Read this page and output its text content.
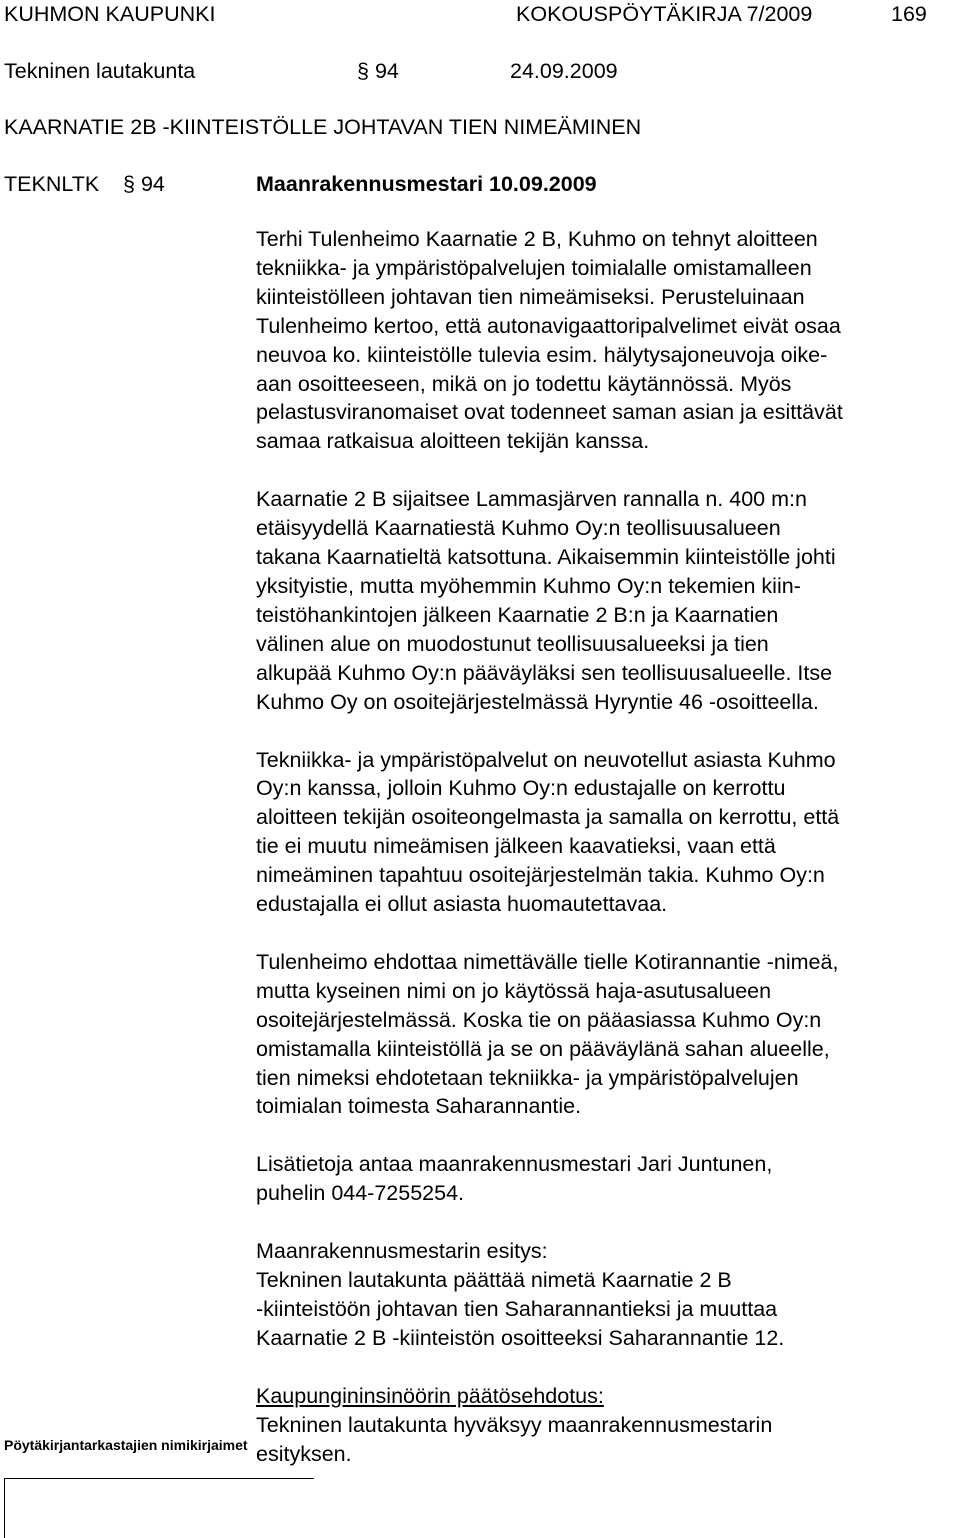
KUHMON KAUPUNKI	KOKOUSPÖYTÄKIRJA 7/2009	169
Tekninen lautakunta	§ 94	24.09.2009
KAARNATIE 2B -KIINTEISTÖLLE JOHTAVAN TIEN NIMEÄMINEN
TEKNLTK § 94	Maanrakennusmestari 10.09.2009

Terhi Tulenheimo Kaarnatie 2 B, Kuhmo on tehnyt aloitteen
tekniikka- ja ympäristöpalvelujen toimialalle omistamalleen
kiinteistölleen johtavan tien nimeämiseksi. Perusteluinaan
Tulenheimo kertoo, että autonavigaattoripalvelimet eivät osaa
neuvoa ko. kiinteistölle tulevia esim. hälytysajoneuvoja oike-
aan osoitteeseen, mikä on jo todettu käytännössä. Myös
pelastusviranomaiset ovat todenneet saman asian ja esittävät
samaa ratkaisua aloitteen tekijän kanssa.

Kaarnatie 2 B sijaitsee Lammasjärven rannalla n. 400 m:n
etäisyydellä Kaarnatiestä Kuhmo Oy:n teollisuusalueen
takana Kaarnatieltä katsottuna. Aikaisemmin kiinteistölle johti
yksityistie, mutta myöhemmin Kuhmo Oy:n tekemien kiin-
teistöhankintojen jälkeen Kaarnatie 2 B:n ja Kaarnatien
välinen alue on muodostunut teollisuusalueeksi ja tien
alkupää Kuhmo Oy:n pääväyläksi sen teollisuusalueelle. Itse
Kuhmo Oy on osoitejärjestelmässä Hyryntie 46 -osoitteella.

Tekniikka- ja ympäristöpalvelut on neuvotellut asiasta Kuhmo
Oy:n kanssa, jolloin Kuhmo Oy:n edustajalle on kerrottu
aloitteen tekijän osoiteongelmasta ja samalla on kerrottu, että
tie ei muutu nimeämisen jälkeen kaavatieksi, vaan että
nimeäminen tapahtuu osoitejärjestelmän takia. Kuhmo Oy:n
edustajalla ei ollut asiasta huomautettavaa.

Tulenheimo ehdottaa nimettävälle tielle Kotirannantie -nimeä,
mutta kyseinen nimi on jo käytössä haja-asutusalueen
osoitejärjestelmässä. Koska tie on pääasiassa Kuhmo Oy:n
omistamalla kiinteistöllä ja se on pääväylänä sahan alueelle,
tien nimeksi ehdotetaan tekniikka- ja ympäristöpalvelujen
toimialan toimesta Saharannantie.

Lisätietoja antaa maanrakennusmestari Jari Juntunen,
puhelin 044-7255254.

Maanrakennusmestarin esitys:

Tekninen lautakunta päättää nimetä Kaarnatie 2 B
-kiinteistöön johtavan tien Saharannantieksi ja muuttaa
Kaarnatie 2 B -kiinteistön osoitteeksi Saharannantie 12.

Kaupungininsinöörin päätösehdotus:

Tekninen lautakunta hyväksyy maanrakennusmestarin
esityksen.

Pöytäkirjantarkastajien nimikirjaimet
